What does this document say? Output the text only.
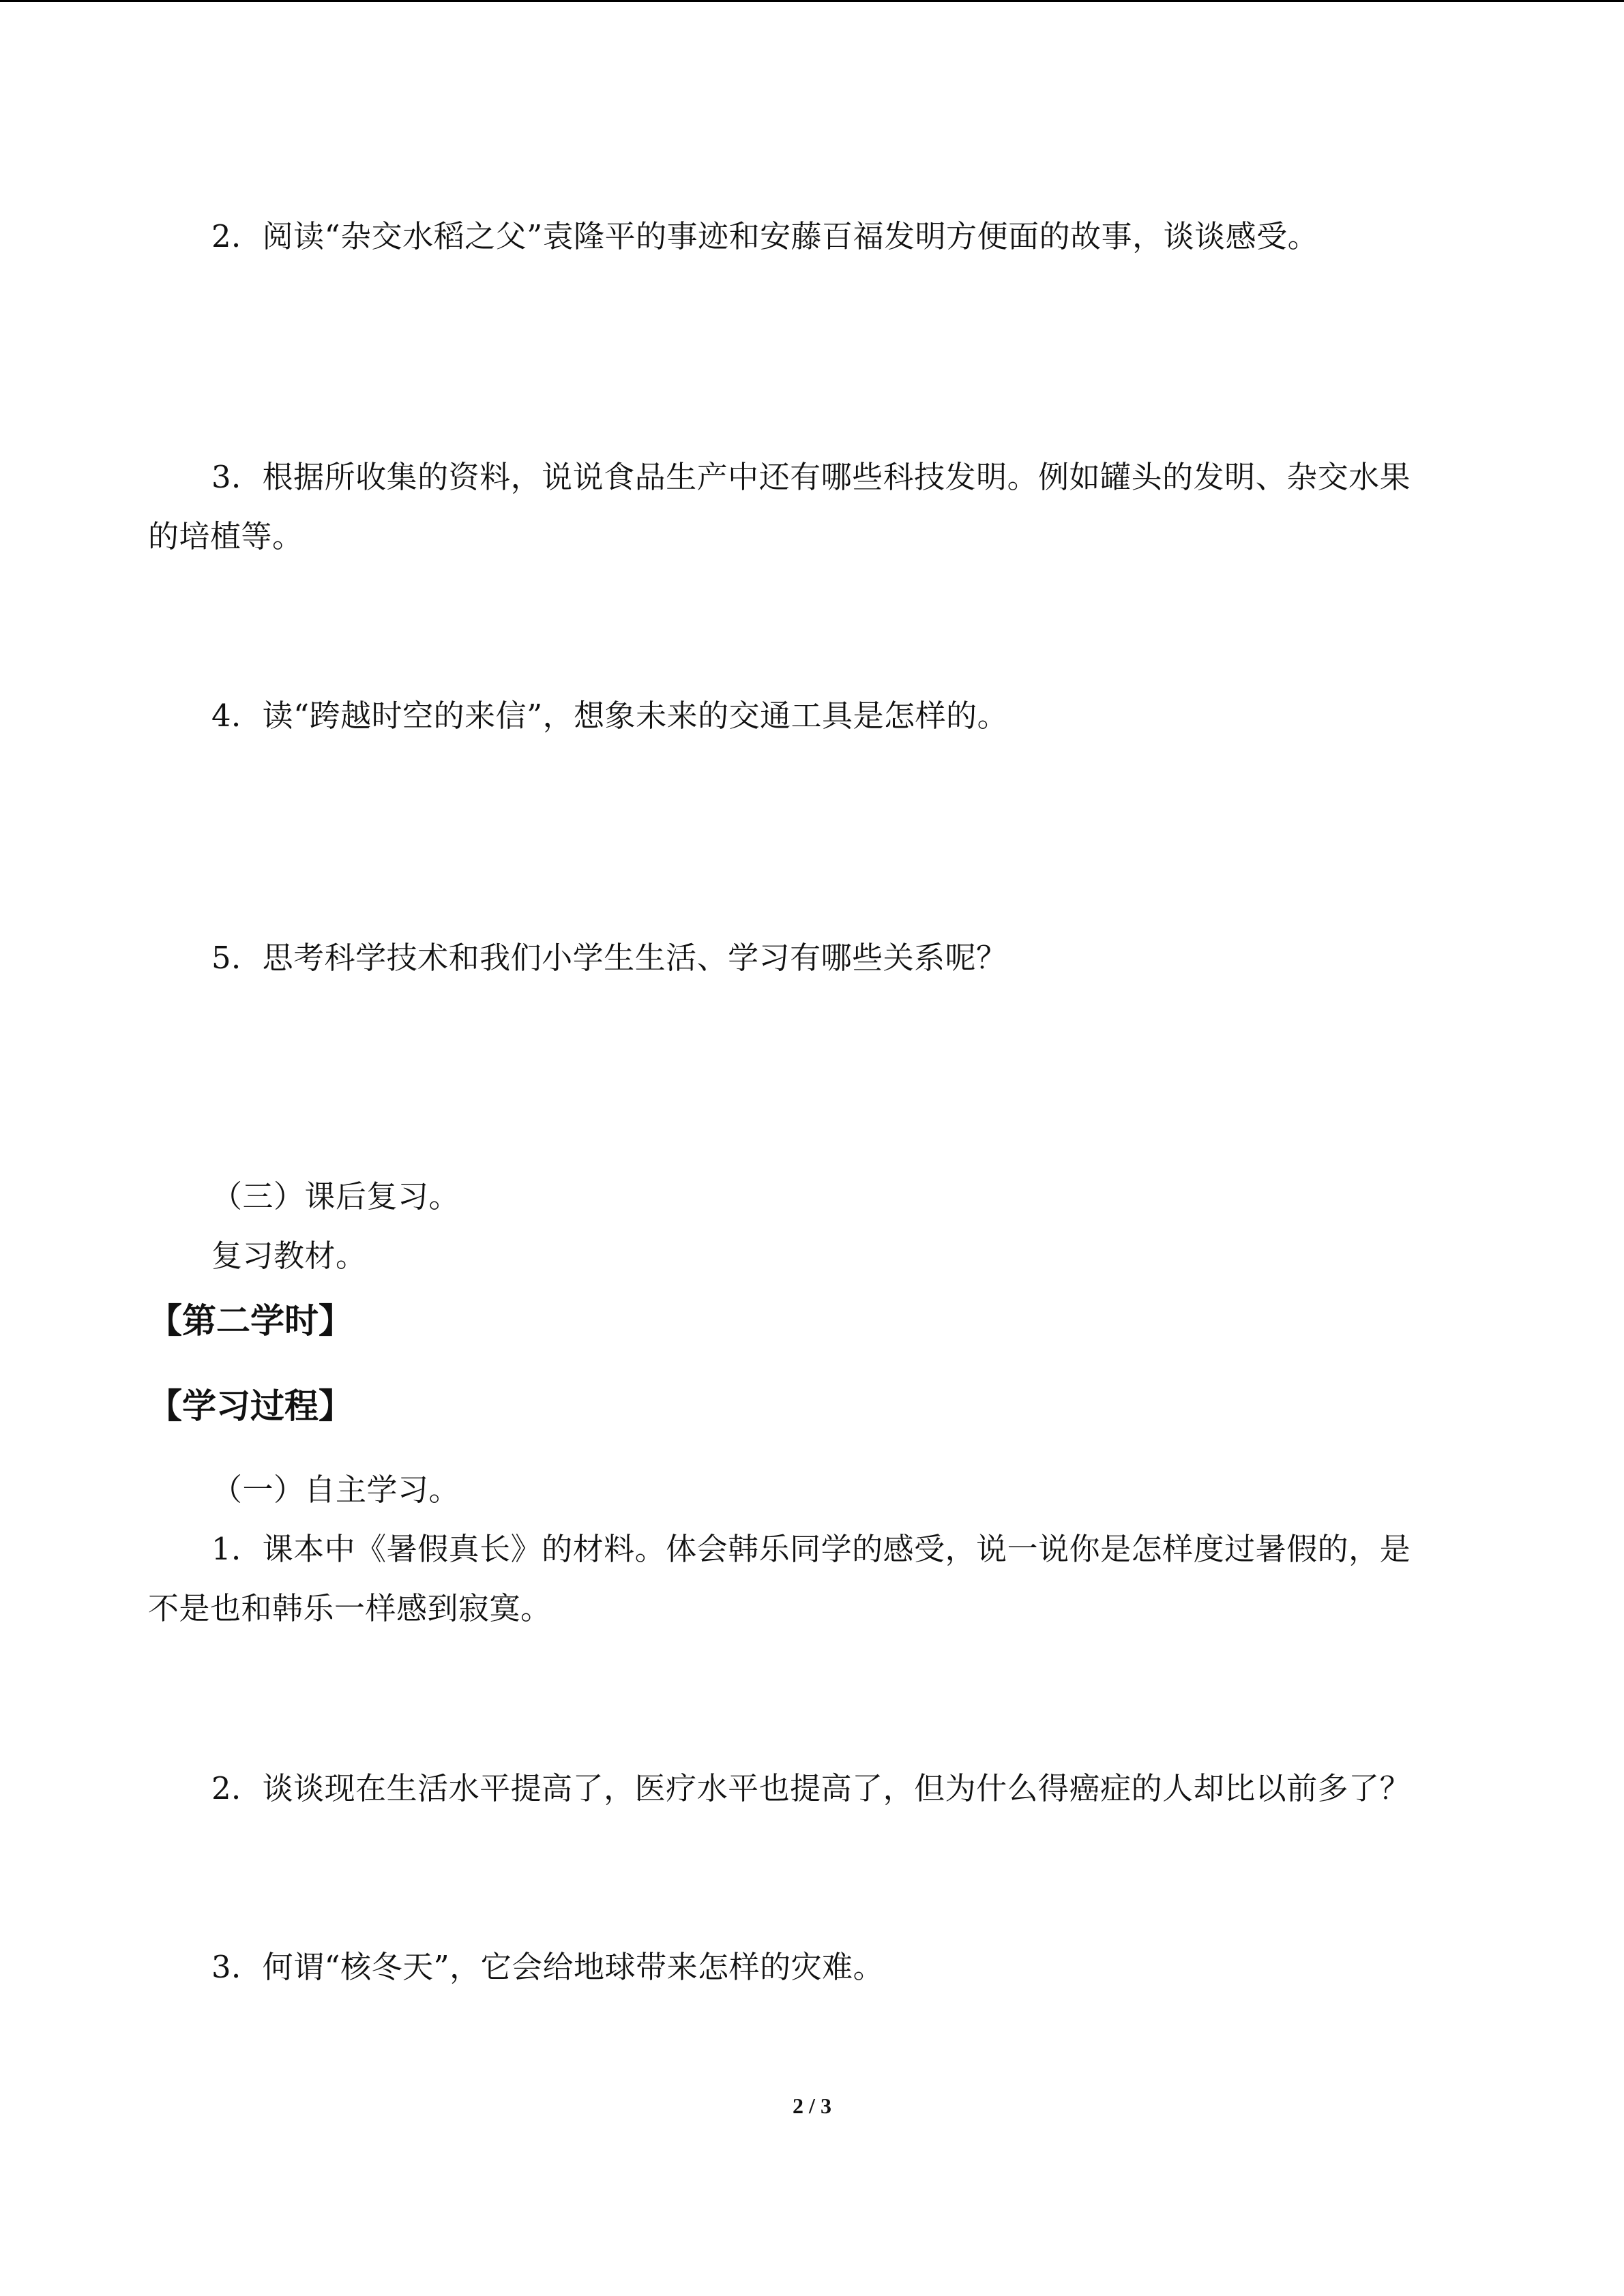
2．阅读“杂交水稻之父”袁隆平的事迹和安藤百福发明方便面的故事，谈谈感受。
3．根据所收集的资料，说说食品生产中还有哪些科技发明。例如罐头的发明、杂交水果
的培植等。
4．读“跨越时空的来信”，想象未来的交通工具是怎样的。
5．思考科学技术和我们小学生生活、学习有哪些关系呢？
（三）课后复习。
复习教材。
【第二学时】
【学习过程】
（一）自主学习。
1．课本中《暑假真长》的材料。体会韩乐同学的感受，说一说你是怎样度过暑假的，是
不是也和韩乐一样感到寂寞。
2．谈谈现在生活水平提高了，医疗水平也提高了，但为什么得癌症的人却比以前多了？
3．何谓“核冬天”，它会给地球带来怎样的灾难。
2 / 3
